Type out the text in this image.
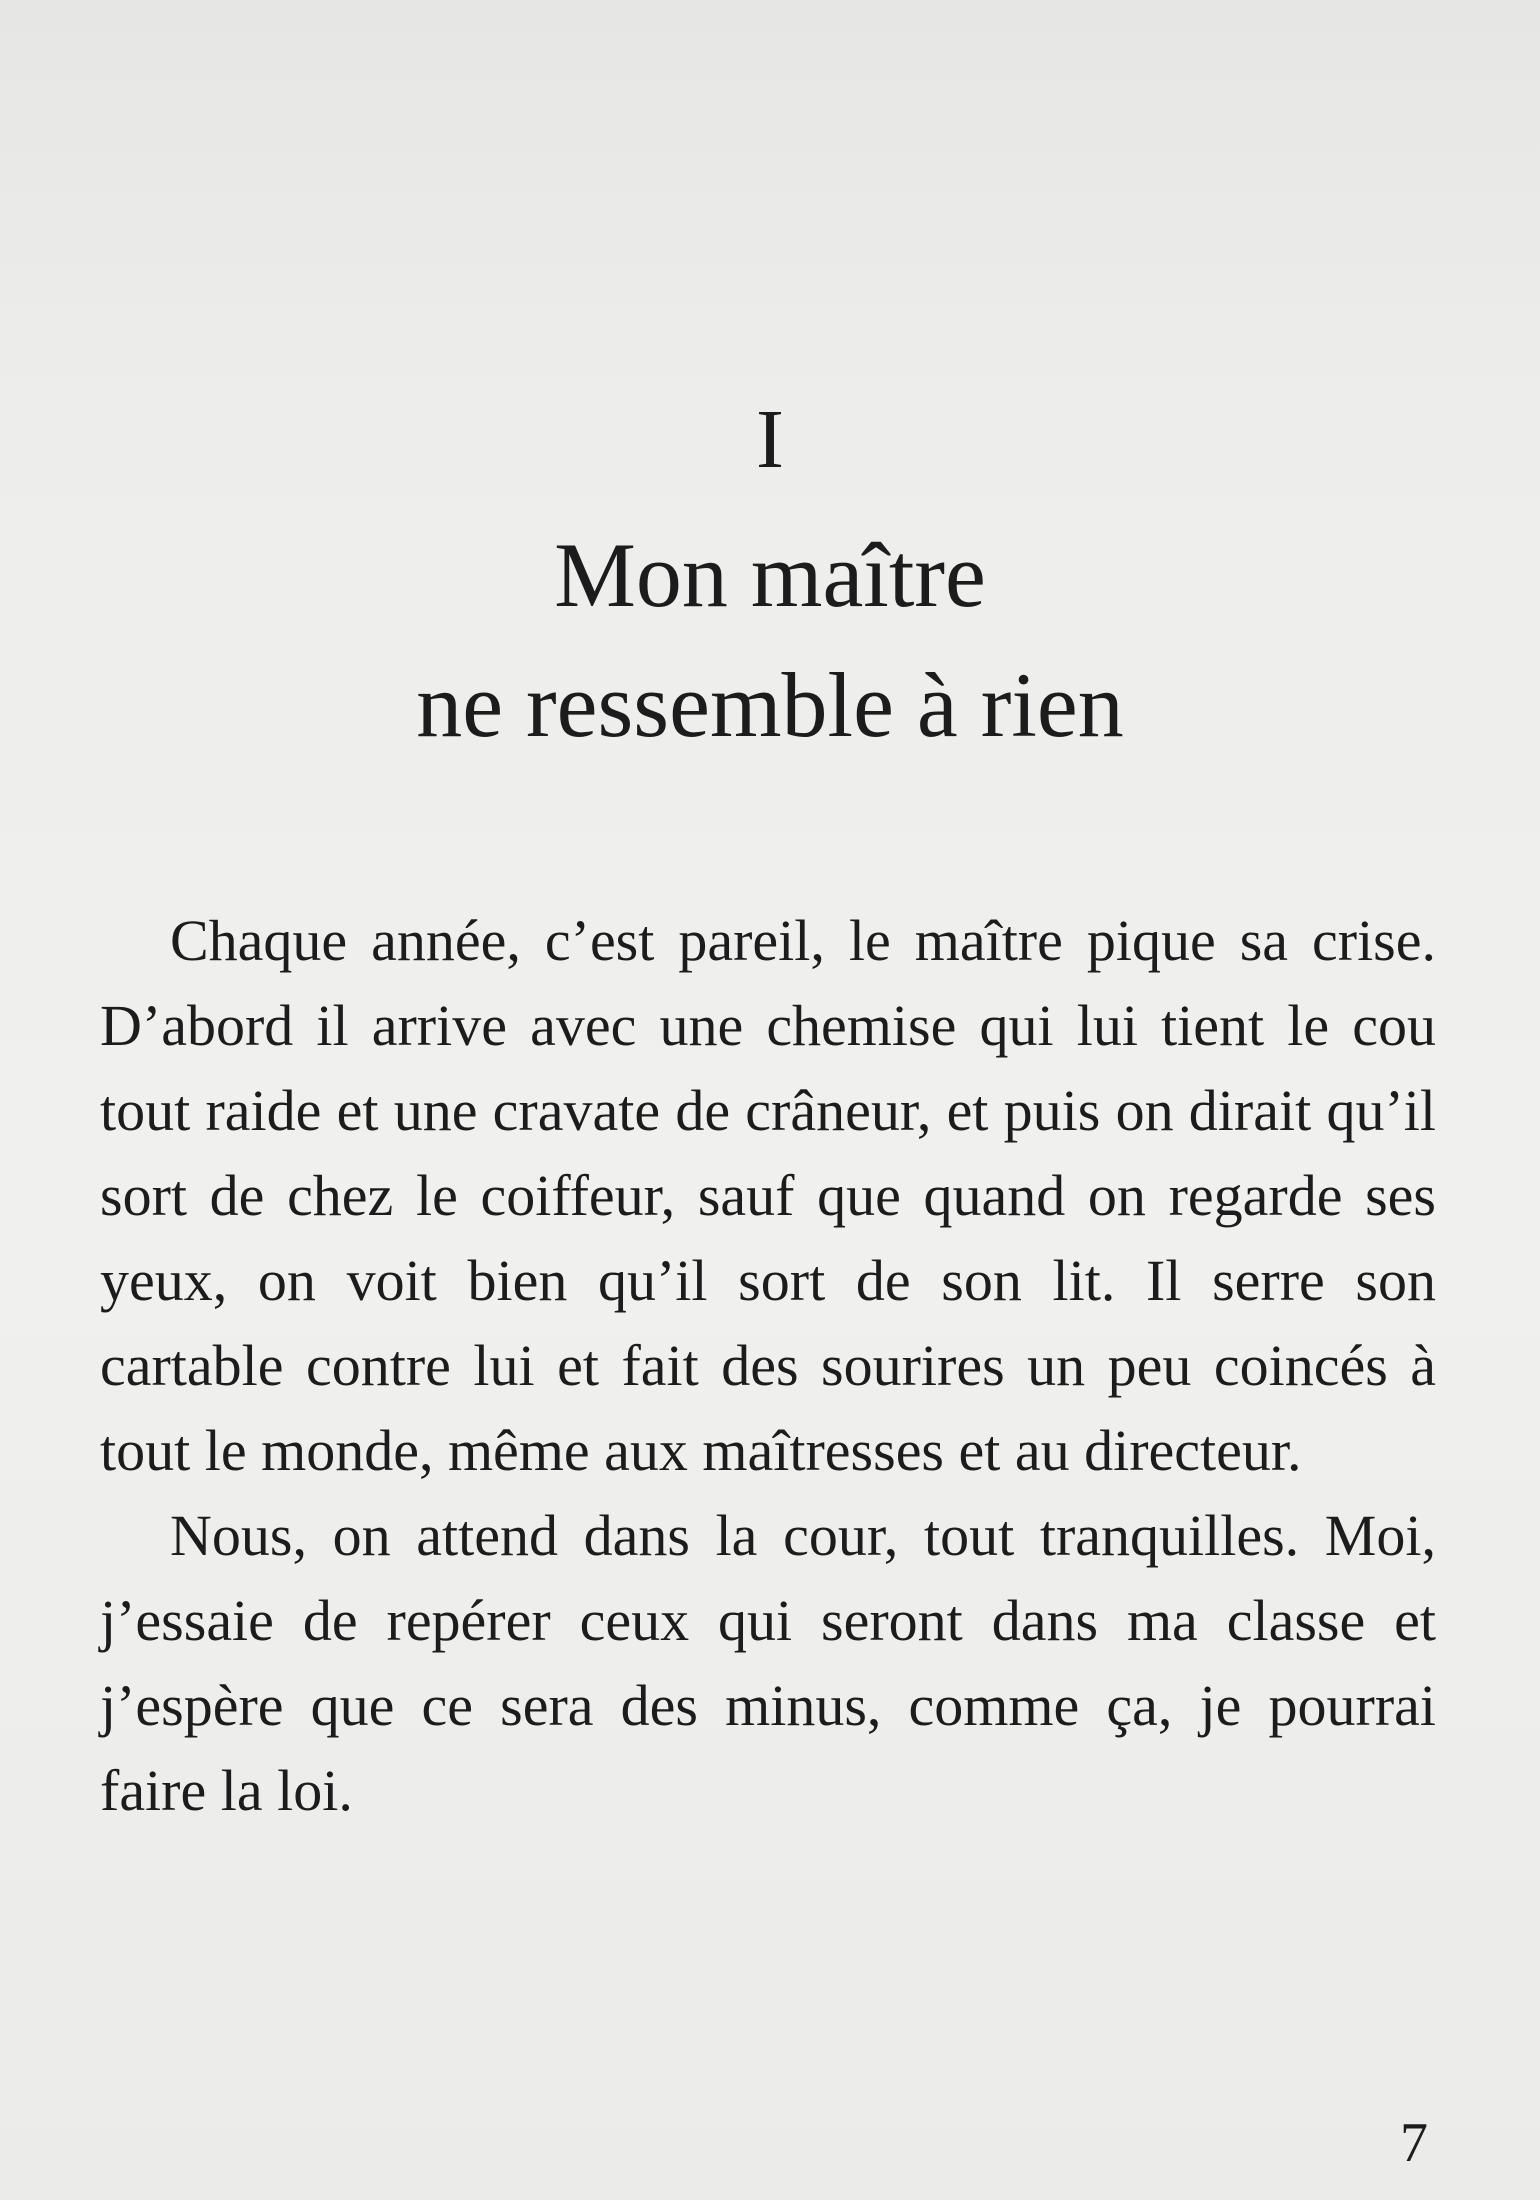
I
Mon maître
ne ressemble à rien

Chaque année, c’est pareil, le maître pique sa crise. D’abord il arrive avec une chemise qui lui tient le cou tout raide et une cravate de crâneur, et puis on dirait qu’il sort de chez le coiffeur, sauf que quand on regarde ses yeux, on voit bien qu’il sort de son lit. Il serre son cartable contre lui et fait des sourires un peu coincés à tout le monde, même aux maîtresses et au directeur.

Nous, on attend dans la cour, tout tranquilles. Moi, j’essaie de repérer ceux qui seront dans ma classe et j’espère que ce sera des minus, comme ça, je pourrai faire la loi.

7
